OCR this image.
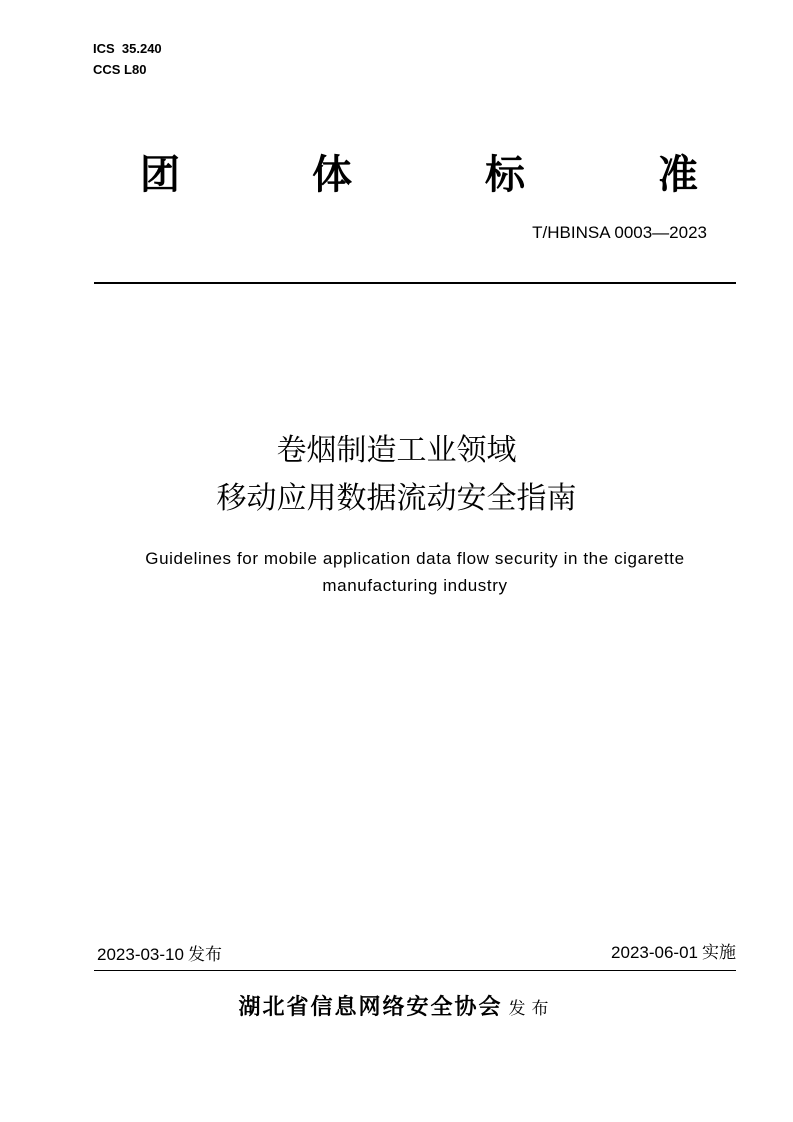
ICS  35.240
CCS L80
团	体	标	准
T/HBINSA 0003—2023
卷烟制造工业领域
移动应用数据流动安全指南
Guidelines for mobile application data flow security in the cigarette manufacturing industry
2023-03-10 发布	2023-06-01 实施
湖北省信息网络安全协会 发布
